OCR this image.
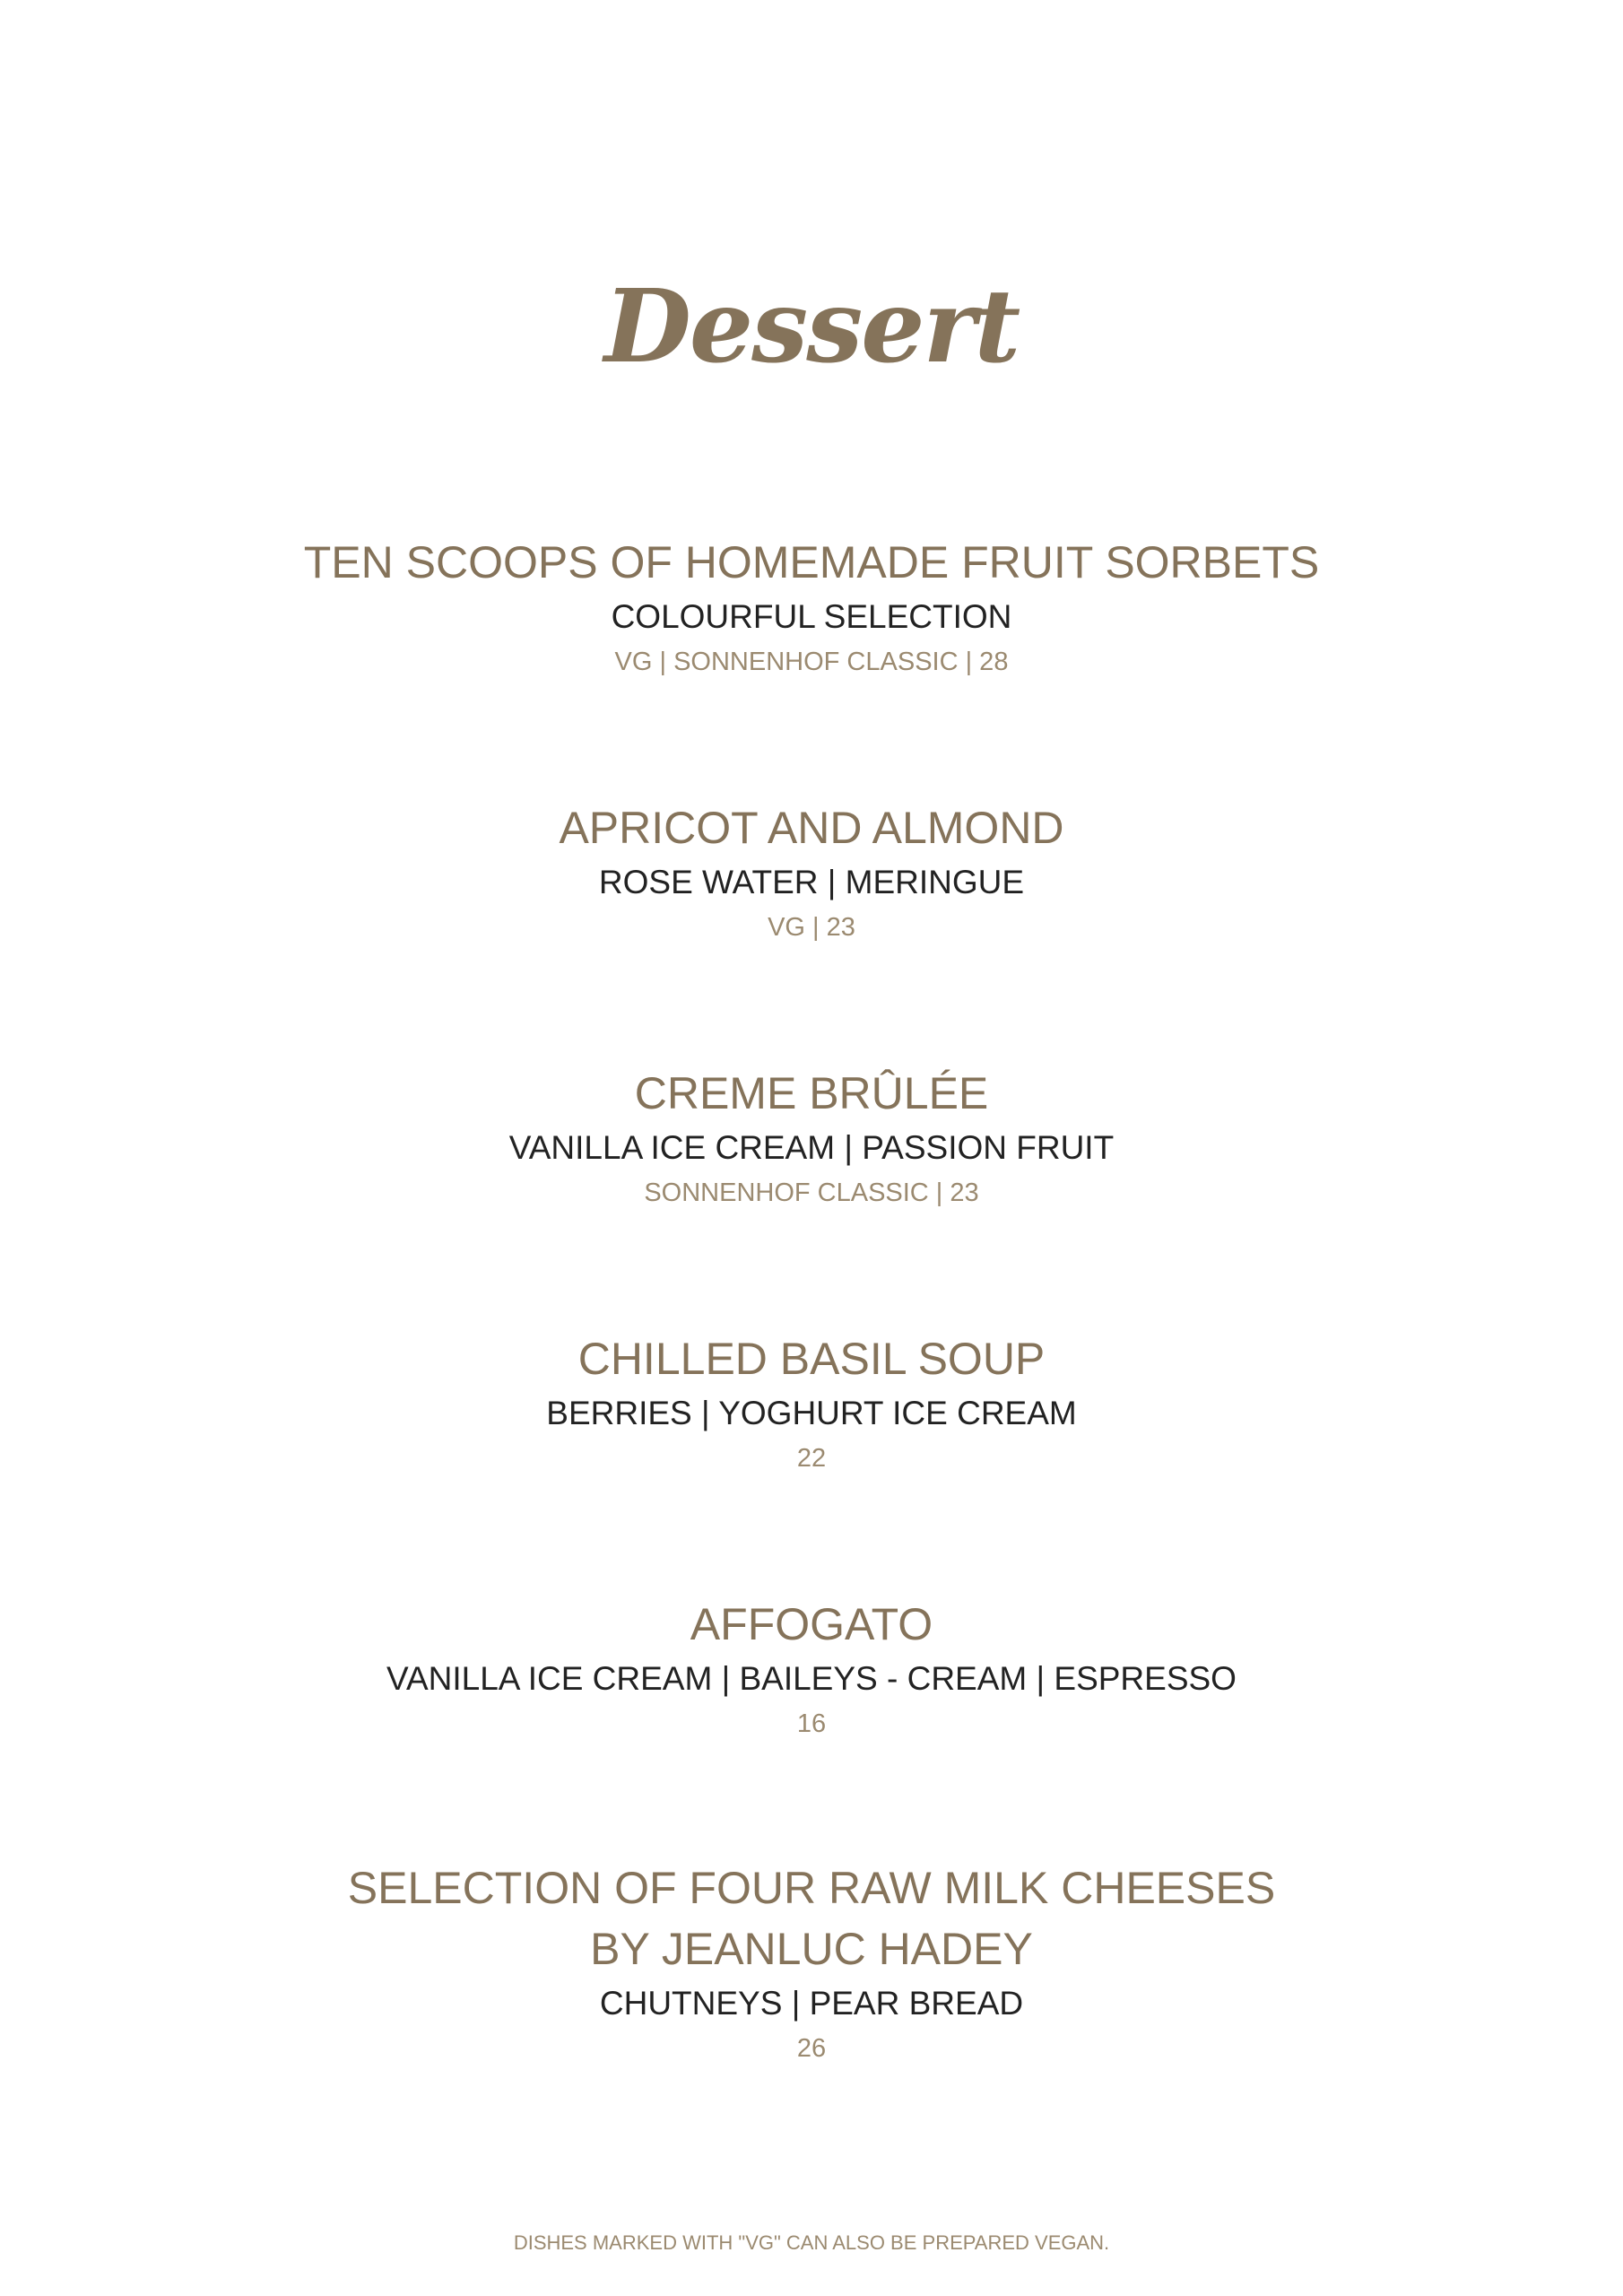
Dessert
TEN SCOOPS OF HOMEMADE FRUIT SORBETS
COLOURFUL SELECTION
VG | SONNENHOF CLASSIC | 28
APRICOT AND ALMOND
ROSE WATER | MERINGUE
VG | 23
CREME BRÛLÉE
VANILLA ICE CREAM | PASSION FRUIT
SONNENHOF CLASSIC | 23
CHILLED BASIL SOUP
BERRIES | YOGHURT ICE CREAM
22
AFFOGATO
VANILLA ICE CREAM | BAILEYS - CREAM | ESPRESSO
16
SELECTION OF FOUR RAW MILK CHEESES
BY JEANLUC HADEY
CHUTNEYS | PEAR BREAD
26
DISHES MARKED WITH "VG" CAN ALSO BE PREPARED VEGAN.
